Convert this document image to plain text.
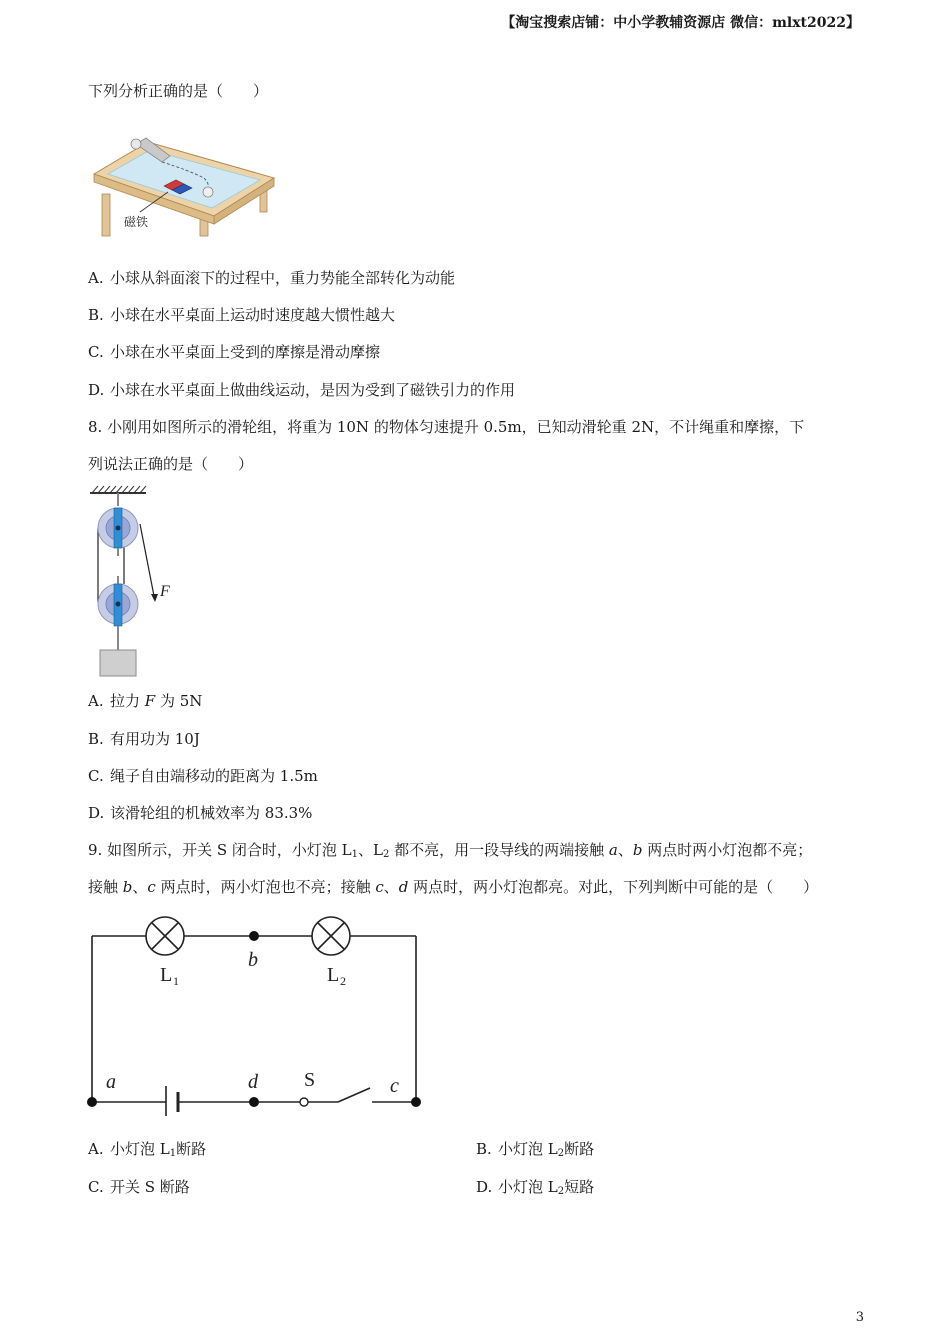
【淘宝搜索店铺：中小学教辅资源店 微信：mlxt2022】
下列分析正确的是（　　）
磁铁
A. 小球从斜面滚下的过程中，重力势能全部转化为动能
B. 小球在水平桌面上运动时速度越大惯性越大
C. 小球在水平桌面上受到的摩擦是滑动摩擦
D. 小球在水平桌面上做曲线运动，是因为受到了磁铁引力的作用
8. 小刚用如图所示的滑轮组，将重为 10N 的物体匀速提升 0.5m，已知动滑轮重 2N，不计绳重和摩擦，下
列说法正确的是（　　）
F
A. 拉力 F 为 5N
B. 有用功为 10J
C. 绳子自由端移动的距离为 1.5m
D. 该滑轮组的机械效率为 83.3%
9. 如图所示，开关 S 闭合时，小灯泡 $L_1$、$L_2$ 都不亮，用一段导线的两端接触 a、b 两点时两小灯泡都不亮；
接触 b、c 两点时，两小灯泡也不亮；接触 c、d 两点时，两小灯泡都亮。对此，下列判断中可能的是（　　）
L 1	L 2
b
a	d S	c
A. 小灯泡 $L_1$断路	B. 小灯泡 $L_2$断路
C. 开关 S 断路	D. 小灯泡 $L_2$短路
3
